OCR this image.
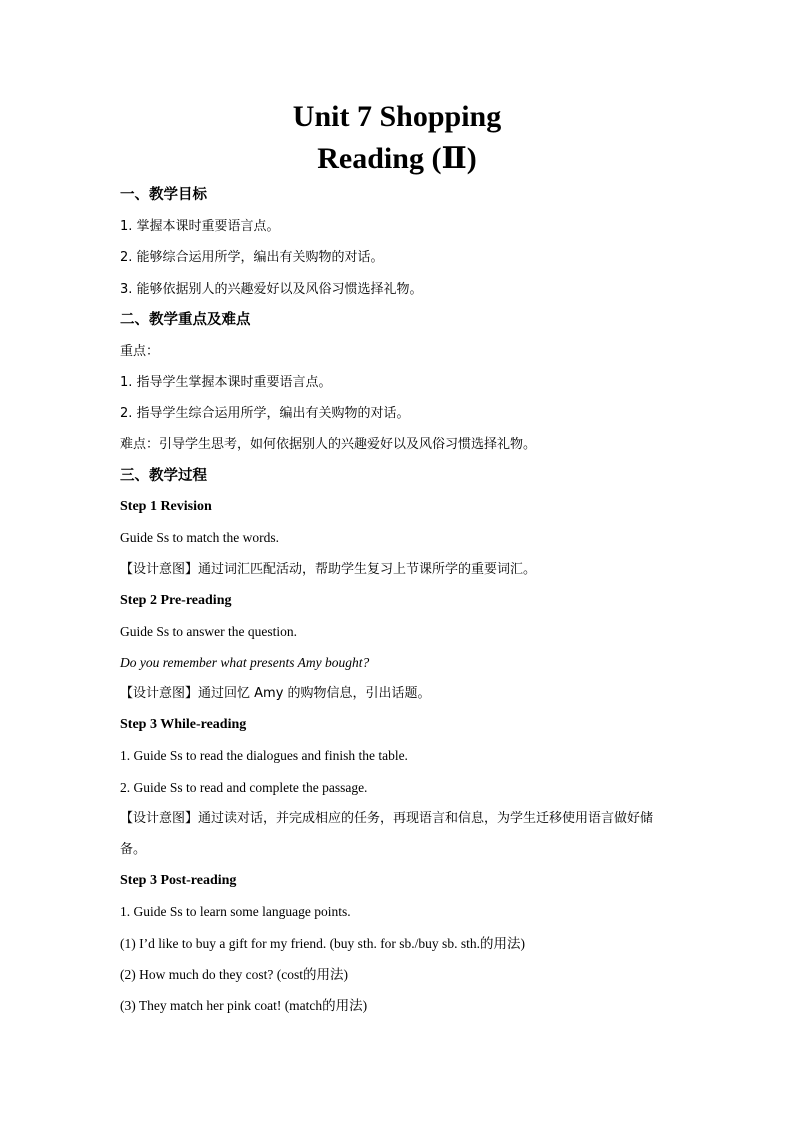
Unit 7 Shopping
Reading (Ⅱ)
一、教学目标
1. 掌握本课时重要语言点。
2. 能够综合运用所学，编出有关购物的对话。
3. 能够依据别人的兴趣爱好以及风俗习惯选择礼物。
二、教学重点及难点
重点：
1. 指导学生掌握本课时重要语言点。
2. 指导学生综合运用所学，编出有关购物的对话。
难点：引导学生思考，如何依据别人的兴趣爱好以及风俗习惯选择礼物。
三、教学过程
Step 1 Revision
Guide Ss to match the words.
【设计意图】通过词汇匹配活动，帮助学生复习上节课所学的重要词汇。
Step 2 Pre-reading
Guide Ss to answer the question.
Do you remember what presents Amy bought?
【设计意图】通过回忆 Amy 的购物信息，引出话题。
Step 3 While-reading
1. Guide Ss to read the dialogues and finish the table.
2. Guide Ss to read and complete the passage.
【设计意图】通过读对话，并完成相应的任务，再现语言和信息，为学生迁移使用语言做好储备。
Step 3 Post-reading
1. Guide Ss to learn some language points.
(1) I’d like to buy a gift for my friend. (buy sth. for sb./buy sb. sth.的用法)
(2) How much do they cost? (cost的用法)
(3) They match her pink coat! (match的用法)
